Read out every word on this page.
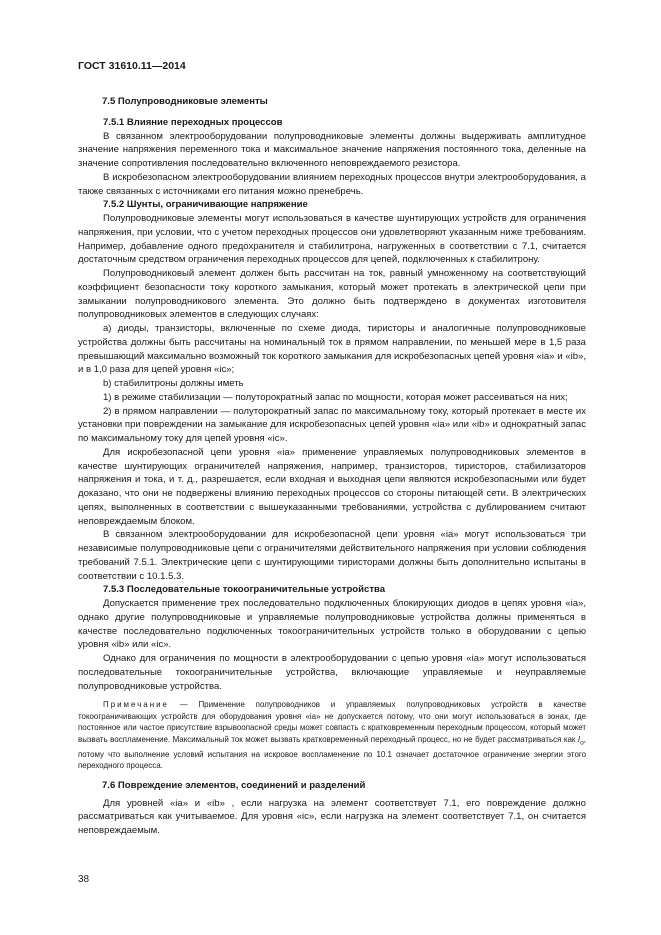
ГОСТ 31610.11—2014
7.5 Полупроводниковые элементы
7.5.1 Влияние переходных процессов

В связанном электрооборудовании полупроводниковые элементы должны выдерживать амплитудное значение напряжения переменного тока и максимальное значение напряжения постоянного тока, деленные на значение сопротивления последовательно включенного неповреждаемого резистора.

В искробезопасном электрооборудовании влиянием переходных процессов внутри электрооборудования, а также связанных с источниками его питания можно пренебречь.

7.5.2 Шунты, ограничивающие напряжение

Полупроводниковые элементы могут использоваться в качестве шунтирующих устройств для ограничения напряжения, при условии, что с учетом переходных процессов они удовлетворяют указанным ниже требованиям. Например, добавление одного предохранителя и стабилитрона, нагруженных в соответствии с 7.1, считается достаточным средством ограничения переходных процессов для цепей, подключенных к стабилитрону.

Полупроводниковый элемент должен быть рассчитан на ток, равный умноженному на соответствующий коэффициент безопасности току короткого замыкания, который может протекать в электрической цепи при замыкании полупроводникового элемента. Это должно быть подтверждено в документах изготовителя полупроводниковых элементов в следующих случаях:

а) диоды, транзисторы, включенные по схеме диода, тиристоры и аналогичные полупроводниковые устройства должны быть рассчитаны на номинальный ток в прямом направлении, по меньшей мере в 1,5 раза превышающий максимально возможный ток короткого замыкания для искробезопасных цепей уровня «ia» и «ib», и в 1,0 раза для цепей уровня «ic»;

b) стабилитроны должны иметь

1) в режиме стабилизации — полуторократный запас по мощности, которая может рассеиваться на них;

2) в прямом направлении — полуторократный запас по максимальному току, который протекает в месте их установки при повреждении на замыкание для искробезопасных цепей уровня «ia» или «ib» и однократный запас по максимальному току для цепей уровня «ic».

Для искробезопасной цепи уровня «ia» применение управляемых полупроводниковых элементов в качестве шунтирующих ограничителей напряжения, например, транзисторов, тиристоров, стабилизаторов напряжения и тока, и т. д., разрешается, если входная и выходная цепи являются искробезопасными или будет доказано, что они не подвержены влиянию переходных процессов со стороны питающей сети. В электрических цепях, выполненных в соответствии с вышеуказанными требованиями, устройства с дублированием считают неповреждаемым блоком.

В связанном электрооборудовании для искробезопасной цепи уровня «ia» могут использоваться три независимые полупроводниковые цепи с ограничителями действительного напряжения при условии соблюдения требований 7.5.1. Электрические цепи с шунтирующими тиристорами должны быть дополнительно испытаны в соответствии с 10.1.5.3.

7.5.3 Последовательные токоограничительные устройства

Допускается применение трех последовательно подключенных блокирующих диодов в цепях уровня «ia», однако другие полупроводниковые и управляемые полупроводниковые устройства должны применяться в качестве последовательно подключенных токоограничительных устройств только в оборудовании с цепью уровня «ib» или «ic».

Однако для ограничения по мощности в электрооборудовании с цепью уровня «ia» могут использоваться последовательные токоограничительные устройства, включающие управляемые и неуправляемые полупроводниковые устройства.

Примечание — Применение полупроводников и управляемых полупроводниковых устройств в качестве токоограничивающих устройств для оборудования уровня «ia» не допускается потому, что они могут использоваться в зонах, где постоянное или частое присутствие взрывоопасной среды может совпасть с кратковременным переходным процессом, который может вызвать воспламенение. Максимальный ток может вызвать кратковременный переходный процесс, но не будет рассматриваться как $I_o$, потому что выполнение условий испытания на искровое воспламенение по 10.1 означает достаточное ограничение энергии этого переходного процесса.
7.6 Повреждение элементов, соединений и разделений

Для уровней «ia» и «ib» , если нагрузка на элемент соответствует 7.1, его повреждение должно рассматриваться как учитываемое. Для уровня «ic», если нагрузка на элемент соответствует 7.1, он считается неповреждаемым.

38
